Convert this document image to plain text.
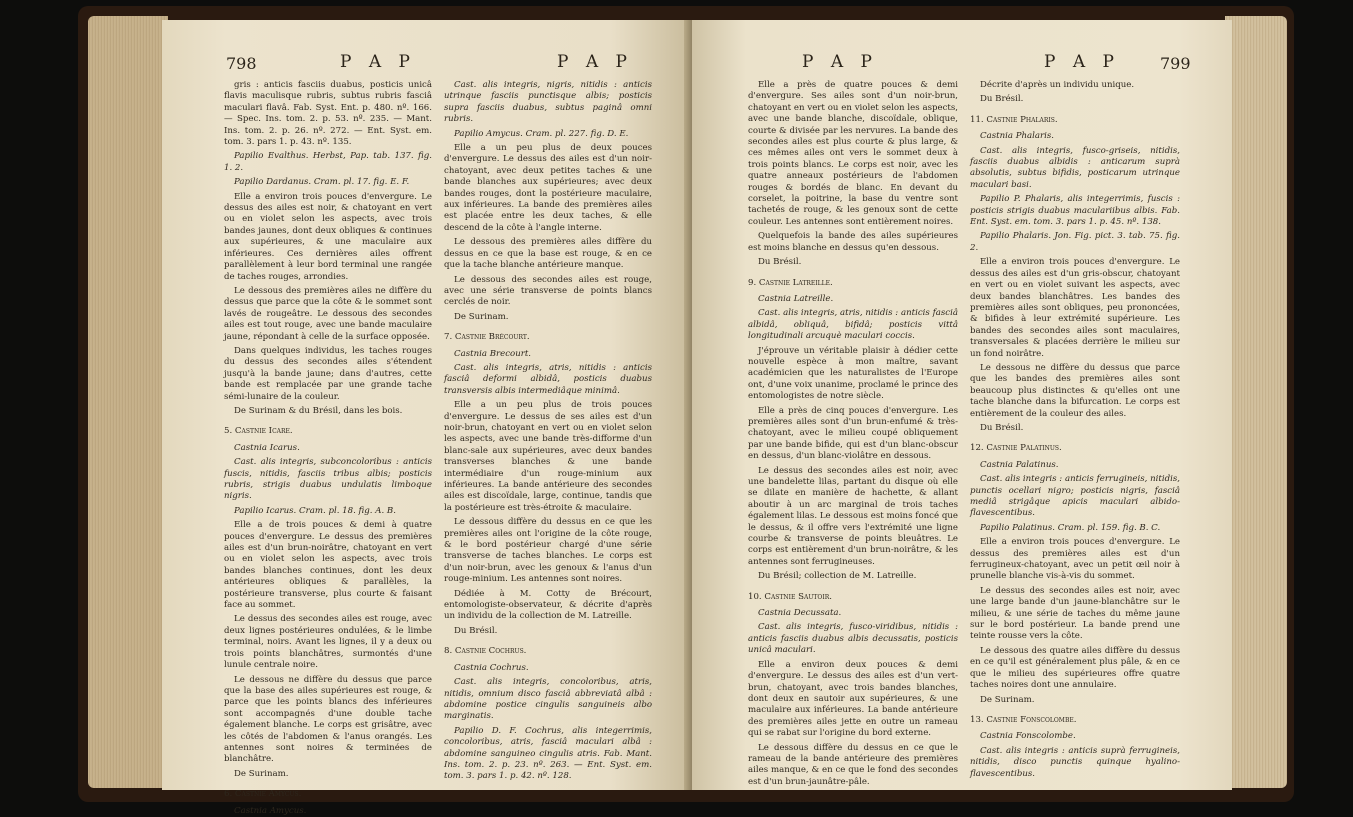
798	P A P	P A P

gris : anticis fasciis duabus, posticis unicâ flavis maculisque rubris, subtus rubris fasciâ maculari flavâ. Fab. Syst. Ent. p. 480. nº. 166. — Spec. Ins. tom. 2. p. 53. nº. 235. — Mant. Ins. tom. 2. p. 26. nº. 272. — Ent. Syst. em. tom. 3. pars 1. p. 43. nº. 135.

Papilio Evalthus. Herbst, Pap. tab. 137. fig. 1. 2.

Papilio Dardanus. Cram. pl. 17. fig. E. F.

Elle a environ trois pouces d'envergure. Le dessus des ailes est noir, & chatoyant en vert ou en violet selon les aspects, avec trois bandes jaunes, dont deux obliques & continues aux supérieures, & une maculaire aux inférieures. Ces dernières ailes offrent parallèlement à leur bord terminal une rangée de taches rouges, arrondies.

Le dessous des premières ailes ne diffère du dessus que parce que la côte & le sommet sont lavés de rougeâtre. Le dessous des secondes ailes est tout rouge, avec une bande maculaire jaune, répondant à celle de la surface opposée.

Dans quelques individus, les taches rouges du dessus des secondes ailes s'étendent jusqu'à la bande jaune; dans d'autres, cette bande est remplacée par une grande tache sémi-lunaire de la couleur.

De Surinam & du Brésil, dans les bois.

5. Castnie Icare.

Castnia Icarus.

Cast. alis integris, subconcoloribus : anticis fuscis, nitidis, fasciis tribus albis; posticis rubris, strigis duabus undulatis limboque nigris.

Papilio Icarus. Cram. pl. 18. fig. A. B.

Elle a de trois pouces & demi à quatre pouces d'envergure. Le dessus des premières ailes est d'un brun-noirâtre, chatoyant en vert ou en violet selon les aspects, avec trois bandes blanches continues, dont les deux antérieures obliques & parallèles, la postérieure transverse, plus courte & faisant face au sommet.

Le dessus des secondes ailes est rouge, avec deux lignes postérieures ondulées, & le limbe terminal, noirs. Avant les lignes, il y a deux ou trois points blanchâtres, surmontés d'une lunule centrale noire.

Le dessous ne diffère du dessus que parce que la base des ailes supérieures est rouge, & parce que les points blancs des inférieures sont accompagnés d'une double tache également blanche. Le corps est grisâtre, avec les côtés de l'abdomen & l'anus orangés. Les antennes sont noires & terminées de blanchâtre.

De Surinam.

6. Castnie Amycus.

Castnia Amycus.

Cast. alis integris, nigris, nitidis : anticis utrinque fasciis punctisque albis; posticis supra fasciis duabus, subtus paginâ omni rubris.

Papilio Amycus. Cram. pl. 227. fig. D. E.

Elle a un peu plus de deux pouces d'envergure. Le dessus des ailes est d'un noir-chatoyant, avec deux petites taches & une bande blanches aux supérieures; avec deux bandes rouges, dont la postérieure maculaire, aux inférieures. La bande des premières ailes est placée entre les deux taches, & elle descend de la côte à l'angle interne.

Le dessous des premières ailes diffère du dessus en ce que la base est rouge, & en ce que la tache blanche antérieure manque.

Le dessous des secondes ailes est rouge, avec une série transverse de points blancs cerclés de noir.

De Surinam.

7. Castnie Brécourt.

Castnia Brecourt.

Cast. alis integris, atris, nitidis : anticis fasciâ deformi albidâ, posticis duabus transversis albis intermediâque minimâ.

Elle a un peu plus de trois pouces d'envergure. Le dessus de ses ailes est d'un noir-brun, chatoyant en vert ou en violet selon les aspects, avec une bande très-difforme d'un blanc-sale aux supérieures, avec deux bandes transverses blanches & une bande intermédiaire d'un rouge-minium aux inférieures. La bande antérieure des secondes ailes est discoïdale, large, continue, tandis que la postérieure est très-étroite & maculaire.

Le dessous diffère du dessus en ce que les premières ailes ont l'origine de la côte rouge, & le bord postérieur chargé d'une série transverse de taches blanches. Le corps est d'un noir-brun, avec les genoux & l'anus d'un rouge-minium. Les antennes sont noires.

Dédiée à M. Cotty de Brécourt, entomologiste-observateur, & décrite d'après un individu de la collection de M. Latreille.

Du Brésil.

8. Castnie Cochrus.

Castnia Cochrus.

Cast. alis integris, concoloribus, atris, nitidis, omnium disco fasciâ abbreviatâ albâ : abdomine postice cingulis sanguineis albo marginatis.

Papilio D. F. Cochrus, alis integerrimis, concoloribus, atris, fasciâ maculari albâ : abdomine sanguineo cingulis atris. Fab. Mant. Ins. tom. 2. p. 23. nº. 263. — Ent. Syst. em. tom. 3. pars 1. p. 42. nº. 128.

P A P	P A P	799

Elle a près de quatre pouces & demi d'envergure. Ses ailes sont d'un noir-brun, chatoyant en vert ou en violet selon les aspects, avec une bande blanche, discoïdale, oblique, courte & divisée par les nervures. La bande des secondes ailes est plus courte & plus large, & ces mêmes ailes ont vers le sommet deux à trois points blancs. Le corps est noir, avec les quatre anneaux postérieurs de l'abdomen rouges & bordés de blanc. En devant du corselet, la poitrine, la base du ventre sont tachetés de rouge, & les genoux sont de cette couleur. Les antennes sont entièrement noires.

Quelquefois la bande des ailes supérieures est moins blanche en dessus qu'en dessous.

Du Brésil.

9. Castnie Latreille.

Castnia Latreille.

Cast. alis integris, atris, nitidis : anticis fasciâ albidâ, obliquâ, bifidâ; posticis vittâ longitudinali arcuquè maculari coccis.

J'éprouve un véritable plaisir à dédier cette nouvelle espèce à mon maître, savant académicien que les naturalistes de l'Europe ont, d'une voix unanime, proclamé le prince des entomologistes de notre siècle.

Elle a près de cinq pouces d'envergure. Les premières ailes sont d'un brun-enfumé & très-chatoyant, avec le milieu coupé obliquement par une bande bifide, qui est d'un blanc-obscur en dessus, d'un blanc-violâtre en dessous.

Le dessus des secondes ailes est noir, avec une bandelette lilas, partant du disque où elle se dilate en manière de hachette, & allant aboutir à un arc marginal de trois taches également lilas. Le dessous est moins foncé que le dessus, & il offre vers l'extrémité une ligne courbe & transverse de points bleuâtres. Le corps est entièrement d'un brun-noirâtre, & les antennes sont ferrugineuses.

Du Brésil; collection de M. Latreille.

10. Castnie Sautoir.

Castnia Decussata.

Cast. alis integris, fusco-viridibus, nitidis : anticis fasciis duabus albis decussatis, posticis unicâ maculari.

Elle a environ deux pouces & demi d'envergure. Le dessus des ailes est d'un vert-brun, chatoyant, avec trois bandes blanches, dont deux en sautoir aux supérieures, & une maculaire aux inférieures. La bande antérieure des premières ailes jette en outre un rameau qui se rabat sur l'origine du bord externe.

Le dessous diffère du dessus en ce que le rameau de la bande antérieure des premières ailes manque, & en ce que le fond des secondes est d'un brun-jaunâtre-pâle.

Décrite d'après un individu unique.

Du Brésil.

11. Castnie Phalaris.

Castnia Phalaris.

Cast. alis integris, fusco-griseis, nitidis, fasciis duabus albidis : anticarum suprà absolutis, subtus bifidis, posticarum utrinque maculari basi.

Papilio P. Phalaris, alis integerrimis, fuscis : posticis strigis duabus maculariibus albis. Fab. Ent. Syst. em. tom. 3. pars 1. p. 45. nº. 138.

Papilio Phalaris. Jon. Fig. pict. 3. tab. 75. fig. 2.

Elle a environ trois pouces d'envergure. Le dessus des ailes est d'un gris-obscur, chatoyant en vert ou en violet suivant les aspects, avec deux bandes blanchâtres. Les bandes des premières ailes sont obliques, peu prononcées, & bifides à leur extrémité supérieure. Les bandes des secondes ailes sont maculaires, transversales & placées derrière le milieu sur un fond noirâtre.

Le dessous ne diffère du dessus que parce que les bandes des premières ailes sont beaucoup plus distinctes & qu'elles ont une tache blanche dans la bifurcation. Le corps est entièrement de la couleur des ailes.

Du Brésil.

12. Castnie Palatinus.

Castnia Palatinus.

Cast. alis integris : anticis ferrugineis, nitidis, punctis ocellari nigro; posticis nigris, fasciâ mediâ strigâque apicis maculari albido-flavescentibus.

Papilio Palatinus. Cram. pl. 159. fig. B. C.

Elle a environ trois pouces d'envergure. Le dessus des premières ailes est d'un ferrugineux-chatoyant, avec un petit œil noir à prunelle blanche vis-à-vis du sommet.

Le dessus des secondes ailes est noir, avec une large bande d'un jaune-blanchâtre sur le milieu, & une série de taches du même jaune sur le bord postérieur. La bande prend une teinte rousse vers la côte.

Le dessous des quatre ailes diffère du dessus en ce qu'il est généralement plus pâle, & en ce que le milieu des supérieures offre quatre taches noires dont une annulaire.

De Surinam.

13. Castnie Fonscolombe.

Castnia Fonscolombe.

Cast. alis integris : anticis suprà ferrugineis, nitidis, disco punctis quinque hyalino-flavescentibus.
